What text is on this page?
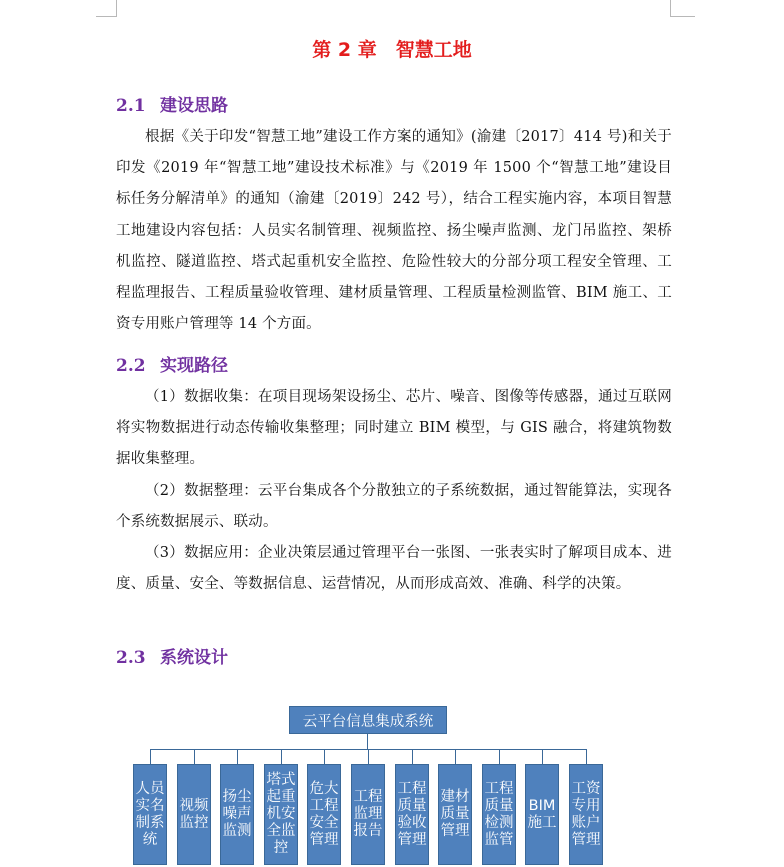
第 2 章　智慧工地
2.1 建设思路
根据《关于印发“智慧工地”建设工作方案的通知》(渝建〔2017〕414 号)和关于印发《2019 年“智慧工地”建设技术标准》与《2019 年 1500 个“智慧工地”建设目标任务分解清单》的通知（渝建〔2019〕242 号），结合工程实施内容，本项目智慧工地建设内容包括：人员实名制管理、视频监控、扬尘噪声监测、龙门吊监控、架桥机监控、隧道监控、塔式起重机安全监控、危险性较大的分部分项工程安全管理、工程监理报告、工程质量验收管理、建材质量管理、工程质量检测监管、BIM 施工、工资专用账户管理等 14 个方面。
2.2 实现路径
（1）数据收集：在项目现场架设扬尘、芯片、噪音、图像等传感器，通过互联网将实物数据进行动态传输收集整理；同时建立 BIM 模型，与 GIS 融合，将建筑物数据收集整理。
（2）数据整理：云平台集成各个分散独立的子系统数据，通过智能算法，实现各个系统数据展示、联动。
（3）数据应用：企业决策层通过管理平台一张图、一张表实时了解项目成本、进度、质量、安全、等数据信息、运营情况，从而形成高效、准确、科学的决策。
2.3 系统设计
云平台信息集成系统
人员实名制系统
视频监控
扬尘噪声监测
塔式起重机安全监控
危大工程安全管理
工程监理报告
工程质量验收管理
建材质量管理
工程质量检测监管
BIM施工
工资专用账户管理
